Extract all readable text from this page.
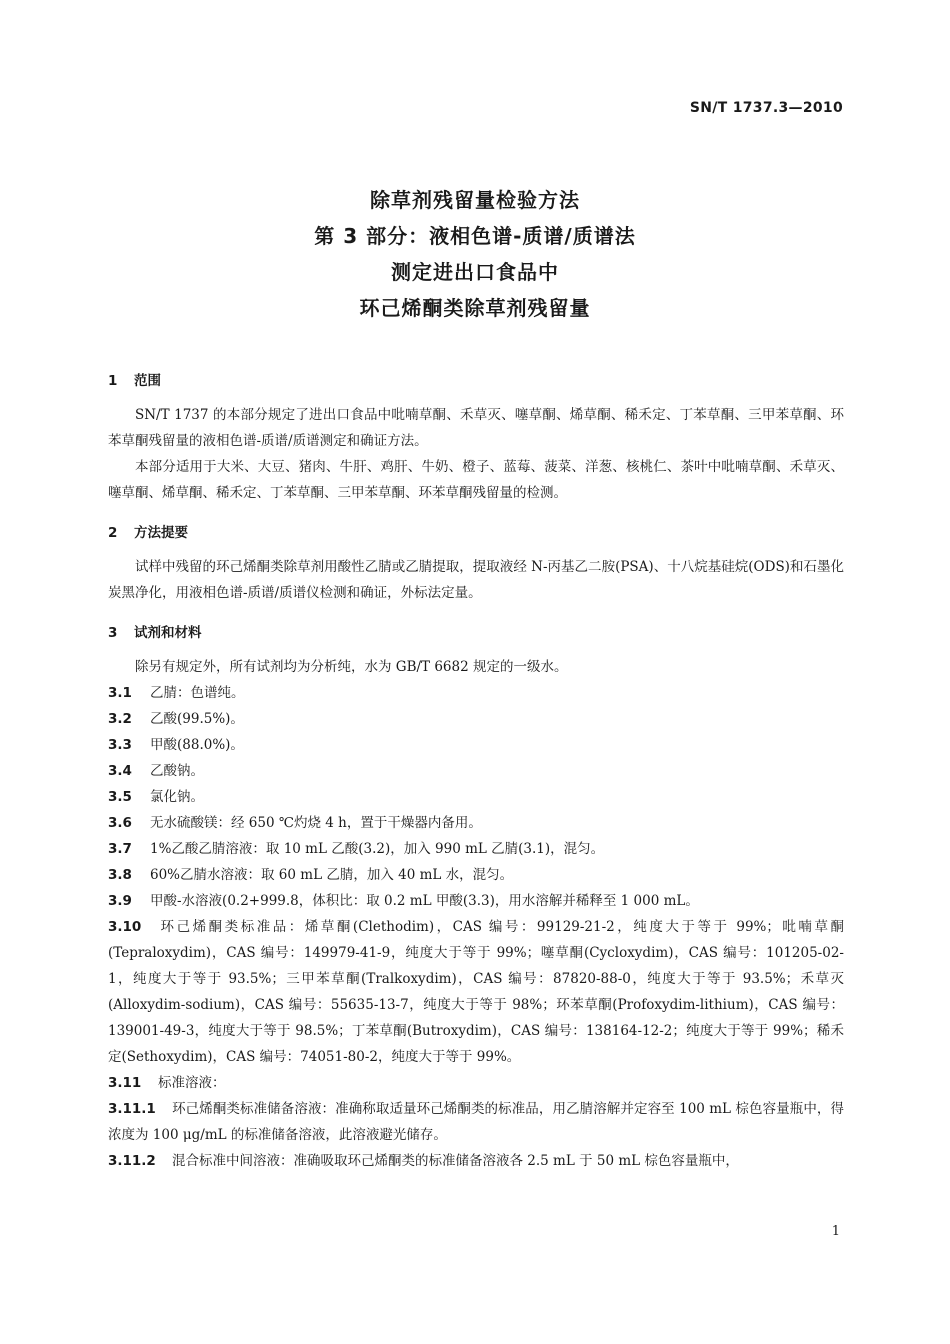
SN/T 1737.3—2010
除草剂残留量检验方法
第 3 部分：液相色谱-质谱/质谱法
测定进出口食品中
环己烯酮类除草剂残留量
1	范围

SN/T 1737 的本部分规定了进出口食品中吡喃草酮、禾草灭、噻草酮、烯草酮、稀禾定、丁苯草酮、三甲苯草酮、环苯草酮残留量的液相色谱-质谱/质谱测定和确证方法。

本部分适用于大米、大豆、猪肉、牛肝、鸡肝、牛奶、橙子、蓝莓、菠菜、洋葱、核桃仁、茶叶中吡喃草酮、禾草灭、噻草酮、烯草酮、稀禾定、丁苯草酮、三甲苯草酮、环苯草酮残留量的检测。

2	方法提要

试样中残留的环己烯酮类除草剂用酸性乙腈或乙腈提取，提取液经 N-丙基乙二胺(PSA)、十八烷基硅烷(ODS)和石墨化炭黑净化，用液相色谱-质谱/质谱仪检测和确证，外标法定量。

3	试剂和材料

除另有规定外，所有试剂均为分析纯，水为 GB/T 6682 规定的一级水。

3.1 乙腈：色谱纯。

3.2 乙酸(99.5%)。

3.3 甲酸(88.0%)。

3.4 乙酸钠。

3.5 氯化钠。

3.6 无水硫酸镁：经 650 ℃灼烧 4 h，置于干燥器内备用。

3.7 1%乙酸乙腈溶液：取 10 mL 乙酸(3.2)，加入 990 mL 乙腈(3.1)，混匀。

3.8 60%乙腈水溶液：取 60 mL 乙腈，加入 40 mL 水，混匀。

3.9 甲酸-水溶液(0.2+999.8，体积比：取 0.2 mL 甲酸(3.3)，用水溶解并稀释至 1 000 mL。

3.10 环己烯酮类标准品：烯草酮(Clethodim)，CAS 编号：99129-21-2，纯度大于等于 99%；吡喃草酮(Tepraloxydim)，CAS 编号：149979-41-9，纯度大于等于 99%；噻草酮(Cycloxydim)，CAS 编号：101205-02-1，纯度大于等于 93.5%；三甲苯草酮(Tralkoxydim)，CAS 编号：87820-88-0，纯度大于等于 93.5%；禾草灭(Alloxydim-sodium)，CAS 编号：55635-13-7，纯度大于等于 98%；环苯草酮(Profoxydim-lithium)，CAS 编号：139001-49-3，纯度大于等于 98.5%；丁苯草酮(Butroxydim)，CAS 编号：138164-12-2；纯度大于等于 99%；稀禾定(Sethoxydim)，CAS 编号：74051-80-2，纯度大于等于 99%。

3.11 标准溶液：

3.11.1 环己烯酮类标准储备溶液：准确称取适量环己烯酮类的标准品，用乙腈溶解并定容至 100 mL 棕色容量瓶中，得浓度为 100 μg/mL 的标准储备溶液，此溶液避光储存。

3.11.2 混合标准中间溶液：准确吸取环己烯酮类的标准储备溶液各 2.5 mL 于 50 mL 棕色容量瓶中，

1
